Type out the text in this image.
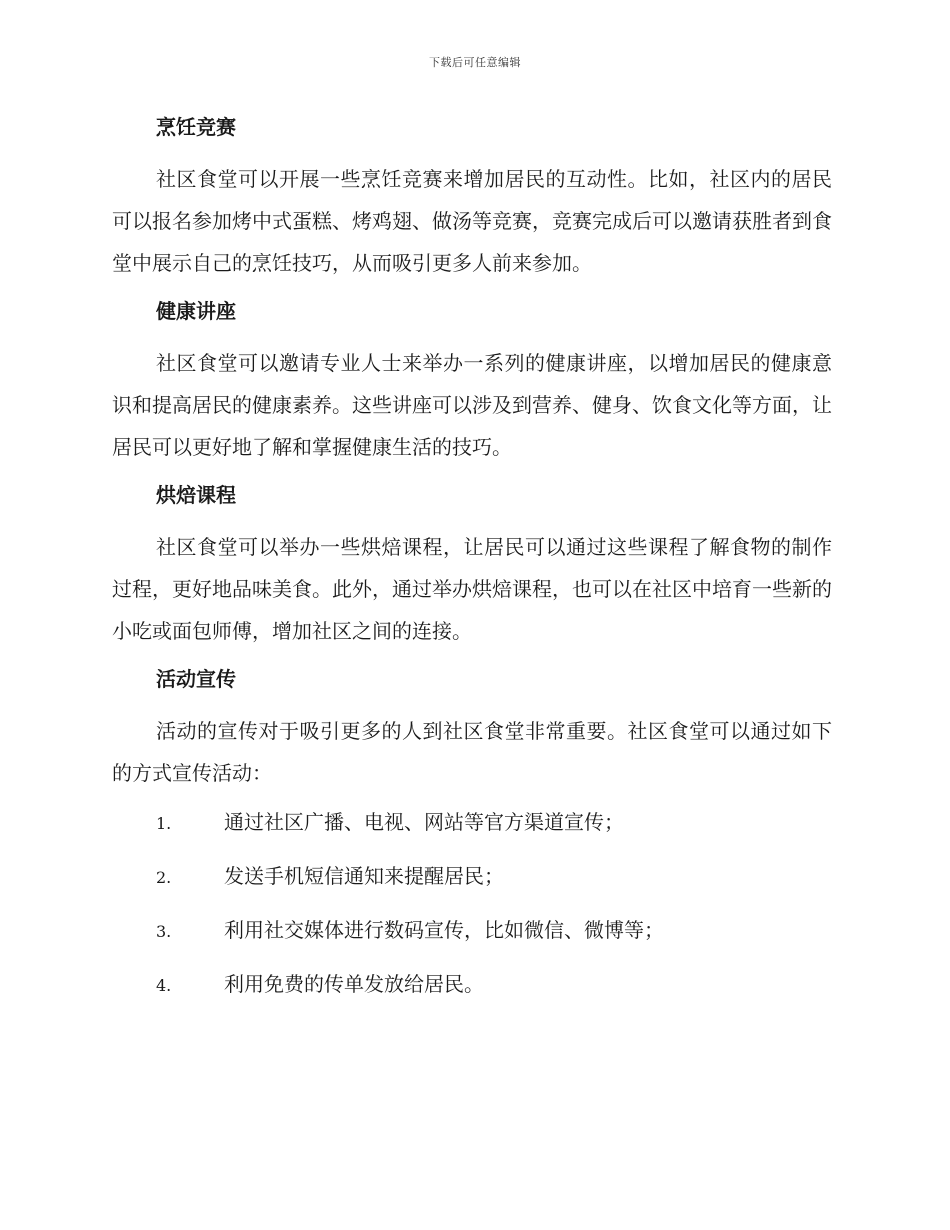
下载后可任意编辑
烹饪竞赛

社区食堂可以开展一些烹饪竞赛来增加居民的互动性。比如，社区内的居民可以报名参加烤中式蛋糕、烤鸡翅、做汤等竞赛，竞赛完成后可以邀请获胜者到食堂中展示自己的烹饪技巧，从而吸引更多人前来参加。

健康讲座

社区食堂可以邀请专业人士来举办一系列的健康讲座，以增加居民的健康意识和提高居民的健康素养。这些讲座可以涉及到营养、健身、饮食文化等方面，让居民可以更好地了解和掌握健康生活的技巧。

烘焙课程

社区食堂可以举办一些烘焙课程，让居民可以通过这些课程了解食物的制作过程，更好地品味美食。此外，通过举办烘焙课程，也可以在社区中培育一些新的小吃或面包师傅，增加社区之间的连接。

活动宣传

活动的宣传对于吸引更多的人到社区食堂非常重要。社区食堂可以通过如下的方式宣传活动：

1.	通过社区广播、电视、网站等官方渠道宣传；
2.	发送手机短信通知来提醒居民；
3.	利用社交媒体进行数码宣传，比如微信、微博等；
4.	利用免费的传单发放给居民。
